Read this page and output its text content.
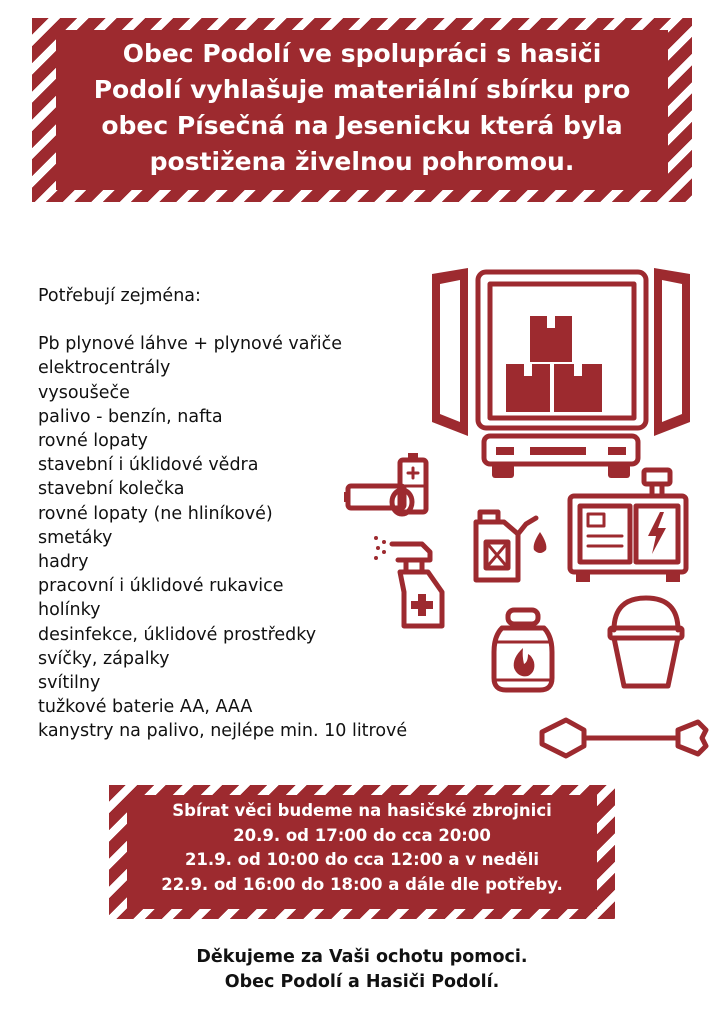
Obec Podolí ve spolupráci s hasiči
Podolí vyhlašuje materiální sbírku pro
obec Písečná na Jesenicku která byla
postižena živelnou pohromou.
Potřebují zejména:
Pb plynové láhve + plynové vařiče
elektrocentrály
vysoušeče
palivo - benzín, nafta
rovné lopaty
stavební i úklidové vědra
stavební kolečka
rovné lopaty (ne hliníkové)
smetáky
hadry
pracovní i úklidové rukavice
holínky
desinfekce, úklidové prostředky
svíčky, zápalky
svítilny
tužkové baterie AA, AAA
kanystry na palivo, nejlépe min. 10 litrové
Sbírat věci budeme na hasičské zbrojnici
20.9. od 17:00 do cca 20:00
21.9. od 10:00 do cca 12:00 a v neděli
22.9. od 16:00 do 18:00 a dále dle potřeby.
Děkujeme za Vaši ochotu pomoci.
Obec Podolí a Hasiči Podolí.
